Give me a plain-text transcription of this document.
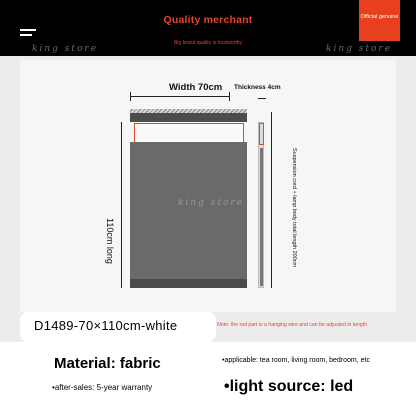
Quality merchant
Big brand quality is trustworthy
Official genuine
king store	king store
Width 70cm Thickness 4cm
110cm long	Suspension cord + lamp body total length 200cm
king store
Note: the red part is a hanging wire and can be adjusted in length
D1489-70×110cm-white
Material: fabric	•applicable: tea room, living room, bedroom, etc
•after-sales: 5-year warranty	•light source: led
